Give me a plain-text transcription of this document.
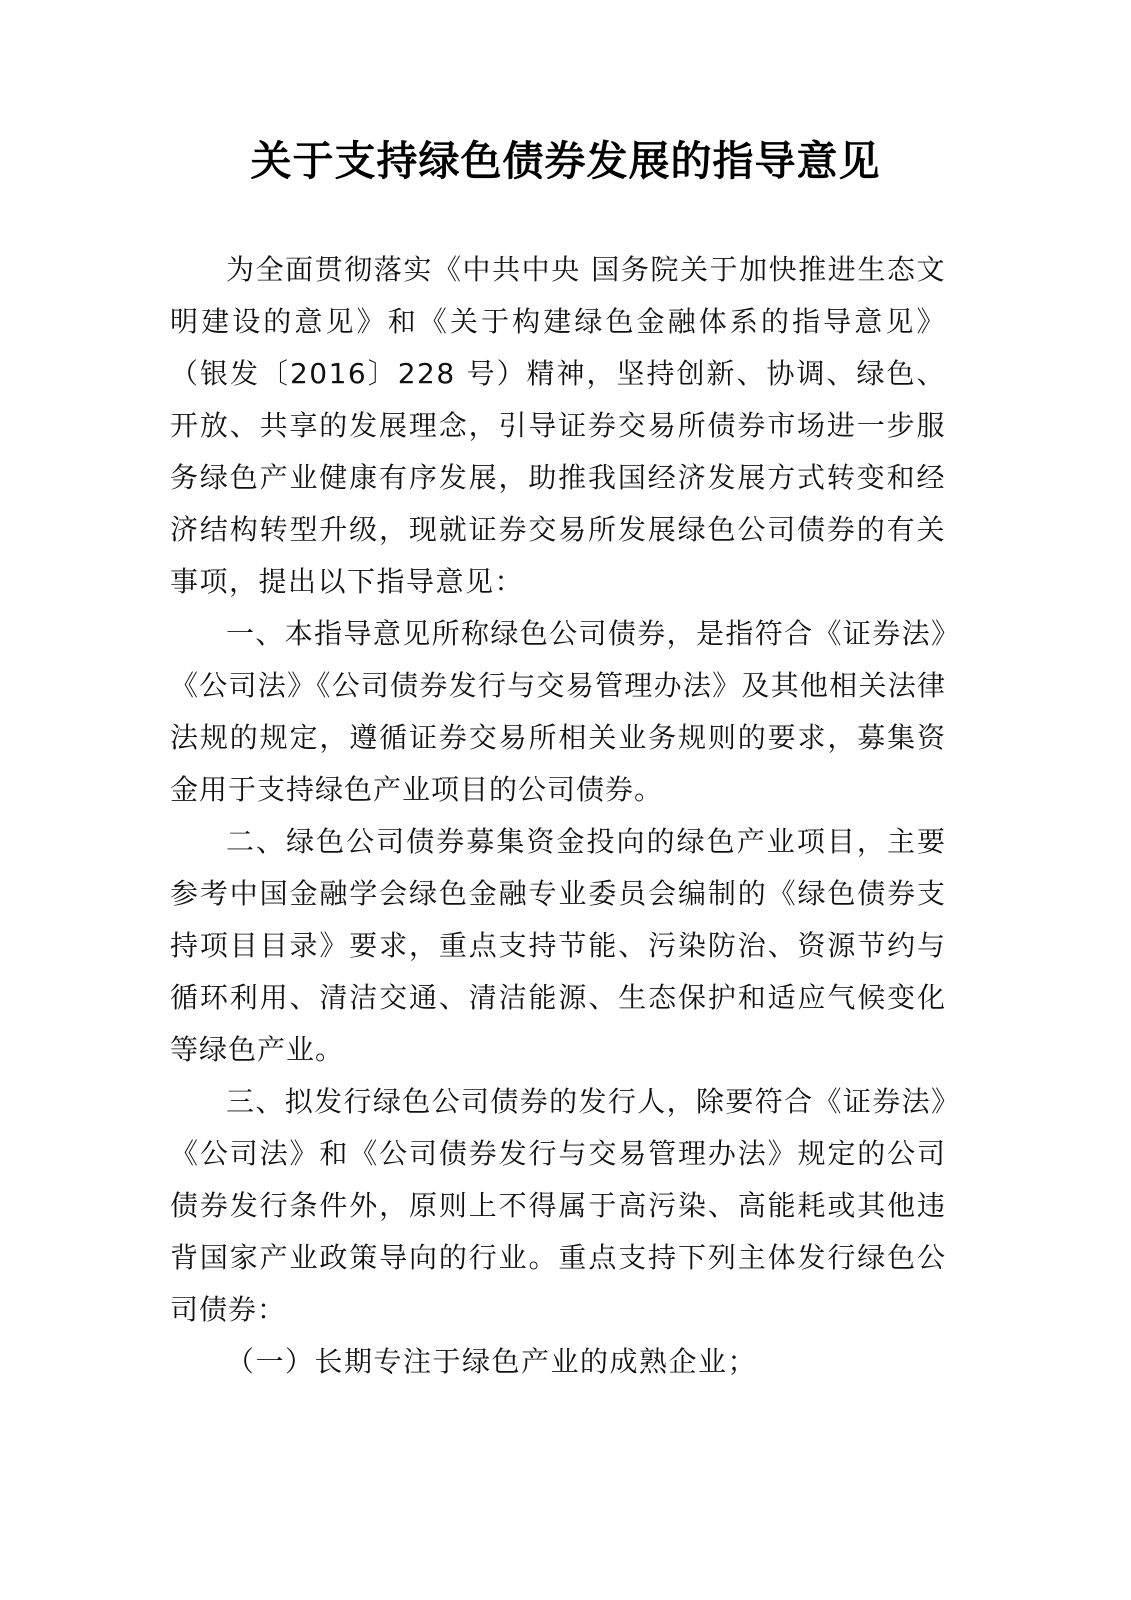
关于支持绿色债券发展的指导意见

为全面贯彻落实《中共中央 国务院关于加快推进生态文明建设的意见》和《关于构建绿色金融体系的指导意见》（银发〔2016〕228 号）精神，坚持创新、协调、绿色、开放、共享的发展理念，引导证券交易所债券市场进一步服务绿色产业健康有序发展，助推我国经济发展方式转变和经济结构转型升级，现就证券交易所发展绿色公司债券的有关事项，提出以下指导意见：

一、本指导意见所称绿色公司债券，是指符合《证券法》《公司法》《公司债券发行与交易管理办法》及其他相关法律法规的规定，遵循证券交易所相关业务规则的要求，募集资金用于支持绿色产业项目的公司债券。

二、绿色公司债券募集资金投向的绿色产业项目，主要参考中国金融学会绿色金融专业委员会编制的《绿色债券支持项目目录》要求，重点支持节能、污染防治、资源节约与循环利用、清洁交通、清洁能源、生态保护和适应气候变化等绿色产业。

三、拟发行绿色公司债券的发行人，除要符合《证券法》《公司法》和《公司债券发行与交易管理办法》规定的公司债券发行条件外，原则上不得属于高污染、高能耗或其他违背国家产业政策导向的行业。重点支持下列主体发行绿色公司债券：

（一）长期专注于绿色产业的成熟企业；
